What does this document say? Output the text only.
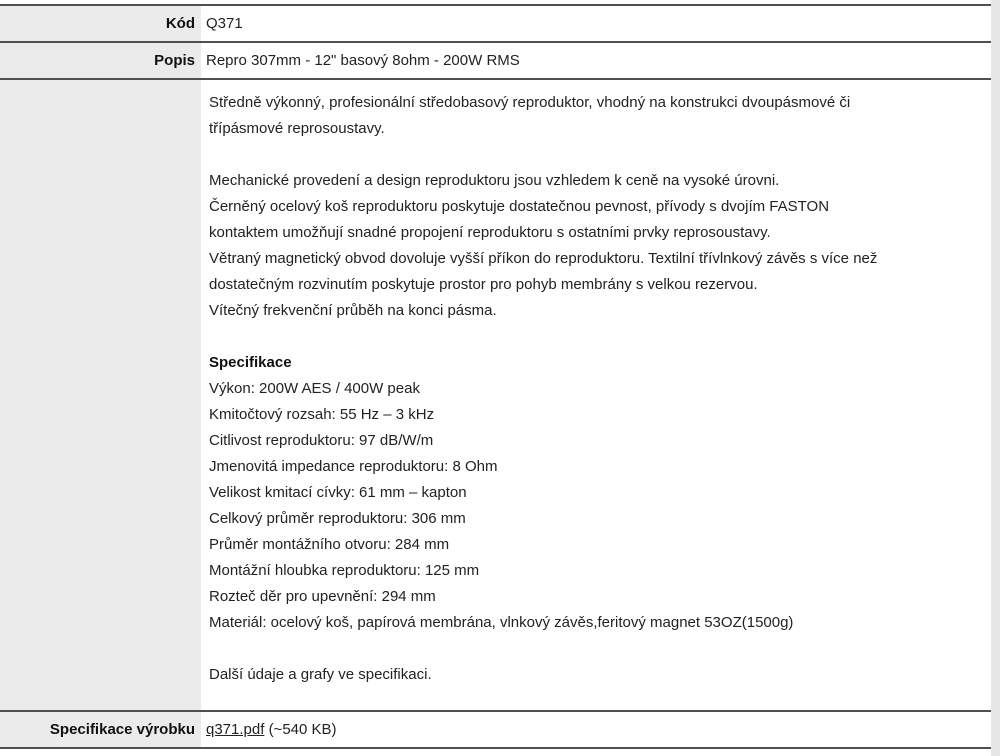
Kód Q371
Popis Repro 307mm - 12" basový 8ohm - 200W RMS

Středně výkonný, profesionální středobasový reproduktor, vhodný na konstrukci dvoupásmové či

třípásmové reprosoustavy.

Mechanické provedení a design reproduktoru jsou vzhledem k ceně na vysoké úrovni.

Černěný ocelový koš reproduktoru poskytuje dostatečnou pevnost, přívody s dvojím FASTON

kontaktem umožňují snadné propojení reproduktoru s ostatními prvky reprosoustavy.

Větraný magnetický obvod dovoluje vyšší příkon do reproduktoru. Textilní třívlnkový závěs s více než

dostatečným rozvinutím poskytuje prostor pro pohyb membrány s velkou rezervou.

Vítečný frekvenční průběh na konci pásma.

Specifikace

Výkon: 200W AES / 400W peak

Kmitočtový rozsah: 55 Hz – 3 kHz

Citlivost reproduktoru: 97 dB/W/m

Jmenovitá impedance reproduktoru: 8 Ohm

Velikost kmitací cívky: 61 mm – kapton

Celkový průměr reproduktoru: 306 mm

Průměr montážního otvoru: 284 mm

Montážní hloubka reproduktoru: 125 mm

Rozteč děr pro upevnění: 294 mm

Materiál: ocelový koš, papírová membrána, vlnkový závěs,feritový magnet 53OZ(1500g)

Další údaje a grafy ve specifikaci.

Specifikace výrobku q371.pdf (~540 KB)
